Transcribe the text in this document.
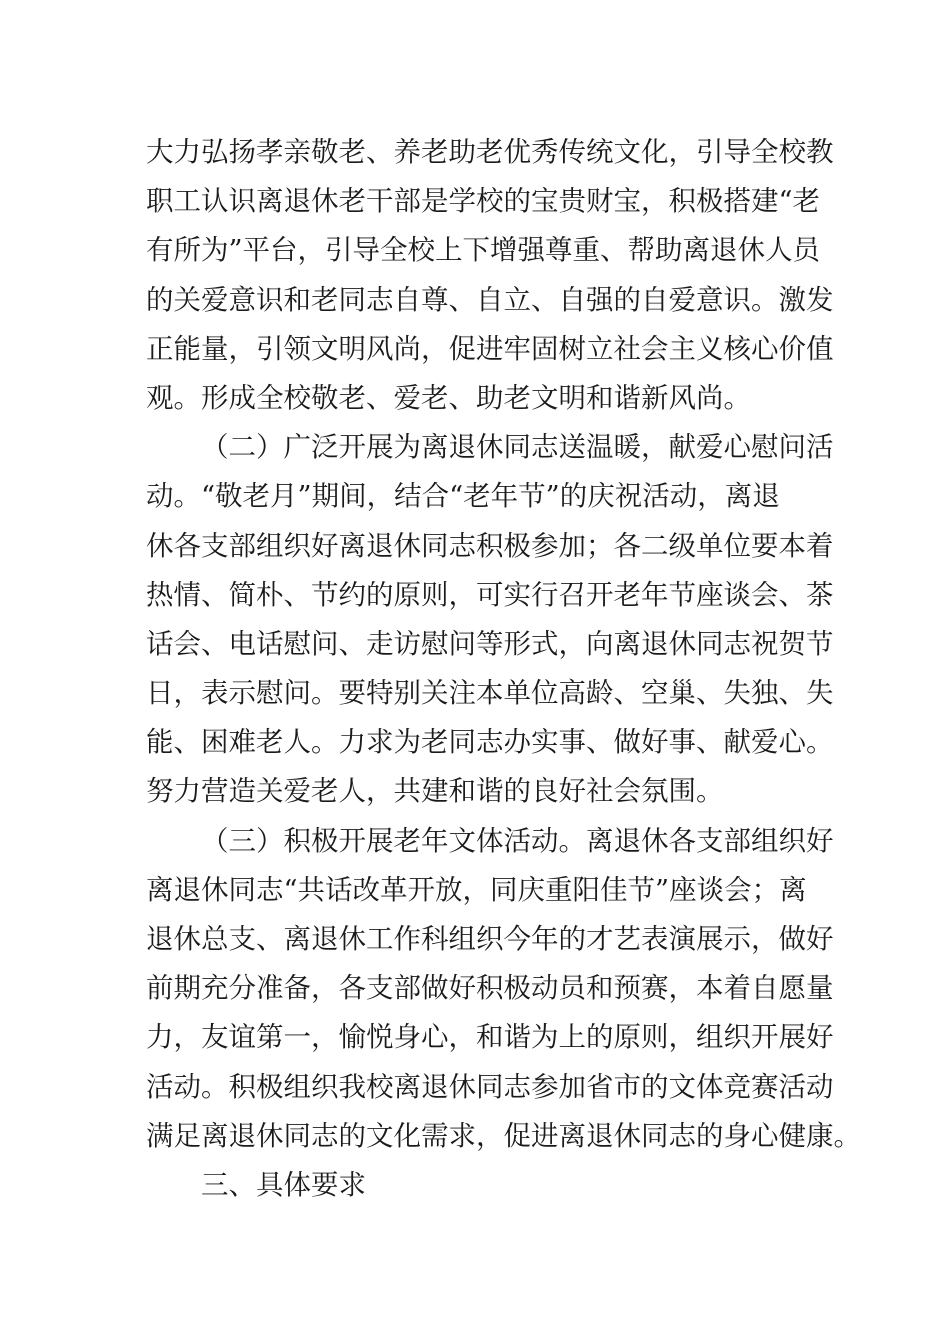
大力弘扬孝亲敬老、养老助老优秀传统文化，引导全校教
职工认识离退休老干部是学校的宝贵财宝，积极搭建“老
有所为”平台，引导全校上下增强尊重、帮助离退休人员
的关爱意识和老同志自尊、自立、自强的自爱意识。激发
正能量，引领文明风尚，促进牢固树立社会主义核心价值
观。形成全校敬老、爱老、助老文明和谐新风尚。
（二）广泛开展为离退休同志送温暖，献爱心慰问活
动。“敬老月”期间，结合“老年节”的庆祝活动，离退
休各支部组织好离退休同志积极参加；各二级单位要本着
热情、简朴、节约的原则，可实行召开老年节座谈会、茶
话会、电话慰问、走访慰问等形式，向离退休同志祝贺节
日，表示慰问。要特别关注本单位高龄、空巢、失独、失
能、困难老人。力求为老同志办实事、做好事、献爱心。
努力营造关爱老人，共建和谐的良好社会氛围。
（三）积极开展老年文体活动。离退休各支部组织好
离退休同志“共话改革开放，同庆重阳佳节”座谈会；离
退休总支、离退休工作科组织今年的才艺表演展示，做好
前期充分准备，各支部做好积极动员和预赛，本着自愿量
力，友谊第一，愉悦身心，和谐为上的原则，组织开展好
活动。积极组织我校离退休同志参加省市的文体竞赛活动
满足离退休同志的文化需求，促进离退休同志的身心健康。
三、具体要求
